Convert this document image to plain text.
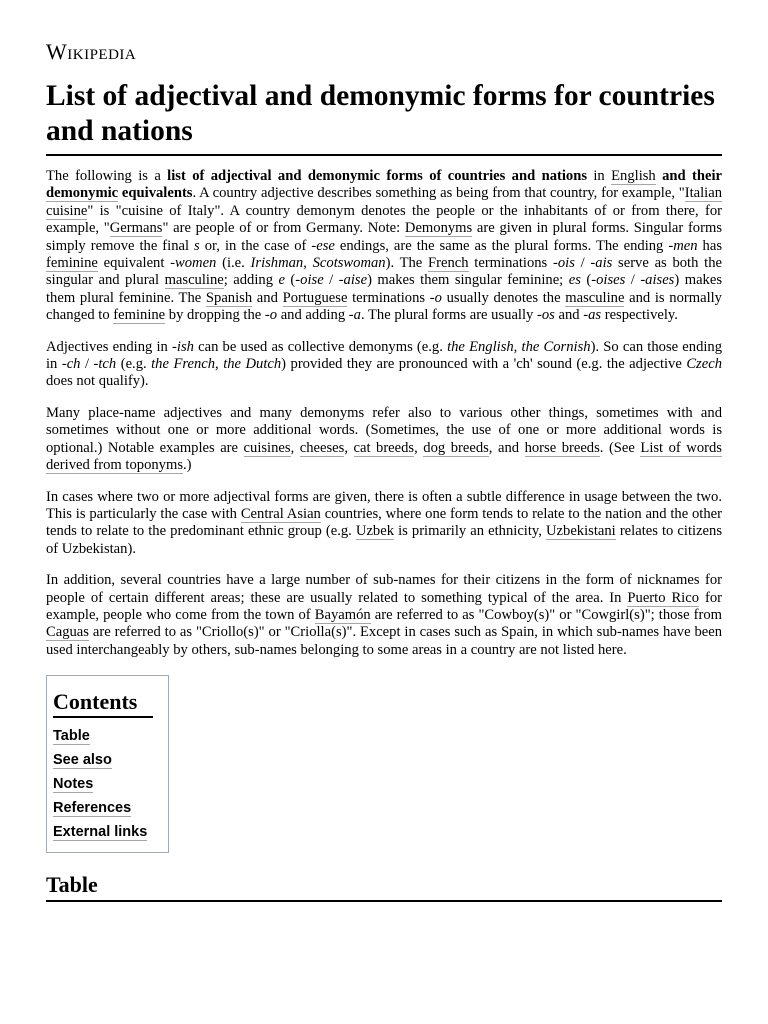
Wikipedia
List of adjectival and demonymic forms for countries and nations

The following is a list of adjectival and demonymic forms of countries and nations in English and their demonymic equivalents. A country adjective describes something as being from that country, for example, "Italian cuisine" is "cuisine of Italy". A country demonym denotes the people or the inhabitants of or from there, for example, "Germans" are people of or from Germany. Note: Demonyms are given in plural forms. Singular forms simply remove the final s or, in the case of -ese endings, are the same as the plural forms. The ending -men has feminine equivalent -women (i.e. Irishman, Scotswoman). The French terminations -ois / -ais serve as both the singular and plural masculine; adding e (-oise / -aise) makes them singular feminine; es (-oises / -aises) makes them plural feminine. The Spanish and Portuguese terminations -o usually denotes the masculine and is normally changed to feminine by dropping the -o and adding -a. The plural forms are usually -os and -as respectively.

Adjectives ending in -ish can be used as collective demonyms (e.g. the English, the Cornish). So can those ending in -ch / -tch (e.g. the French, the Dutch) provided they are pronounced with a 'ch' sound (e.g. the adjective Czech does not qualify).

Many place-name adjectives and many demonyms refer also to various other things, sometimes with and sometimes without one or more additional words. (Sometimes, the use of one or more additional words is optional.) Notable examples are cuisines, cheeses, cat breeds, dog breeds, and horse breeds. (See List of words derived from toponyms.)

In cases where two or more adjectival forms are given, there is often a subtle difference in usage between the two. This is particularly the case with Central Asian countries, where one form tends to relate to the nation and the other tends to relate to the predominant ethnic group (e.g. Uzbek is primarily an ethnicity, Uzbekistani relates to citizens of Uzbekistan).

In addition, several countries have a large number of sub-names for their citizens in the form of nicknames for people of certain different areas; these are usually related to something typical of the area. In Puerto Rico for example, people who come from the town of Bayamón are referred to as "Cowboy(s)" or "Cowgirl(s)"; those from Caguas are referred to as "Criollo(s)" or "Criolla(s)". Except in cases such as Spain, in which sub-names have been used interchangeably by others, sub-names belonging to some areas in a country are not listed here.

Contents
Table
See also
Notes
References
External links
Table
